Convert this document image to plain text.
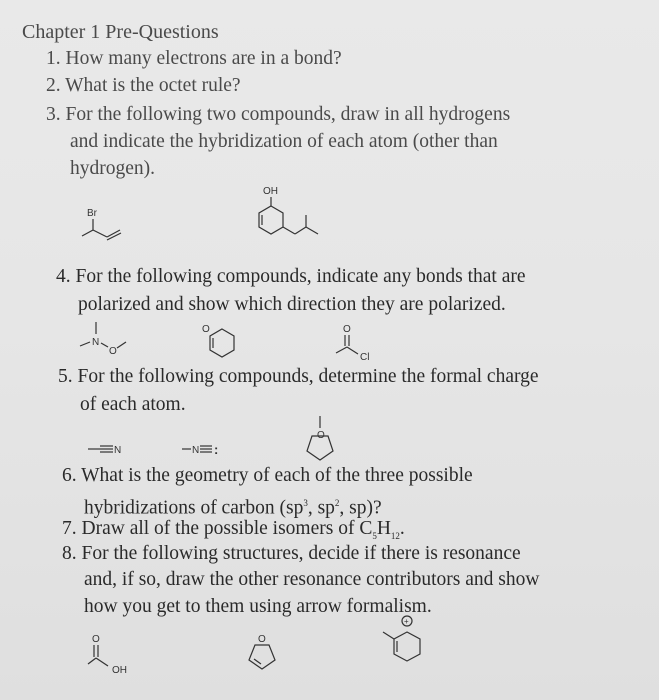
Chapter 1 Pre-Questions
1. How many electrons are in a bond?
2. What is the octet rule?
3. For the following two compounds, draw in all hydrogens
and indicate the hybridization of each atom (other than
hydrogen).
Br
OH
4. For the following compounds, indicate any bonds that are
polarized and show which direction they are polarized.
N
O
O	O
Cl
5. For the following compounds, determine the formal charge
of each atom.
N	N :
O
6. What is the geometry of each of the three possible
hybridizations of carbon ($sp^3$, $sp^2$, sp)?
7. Draw all of the possible isomers of $C_5H_{12}$.
8. For the following structures, decide if there is resonance
and, if so, draw the other resonance contributors and show
how you get to them using arrow formalism.
O
OH
O
+
